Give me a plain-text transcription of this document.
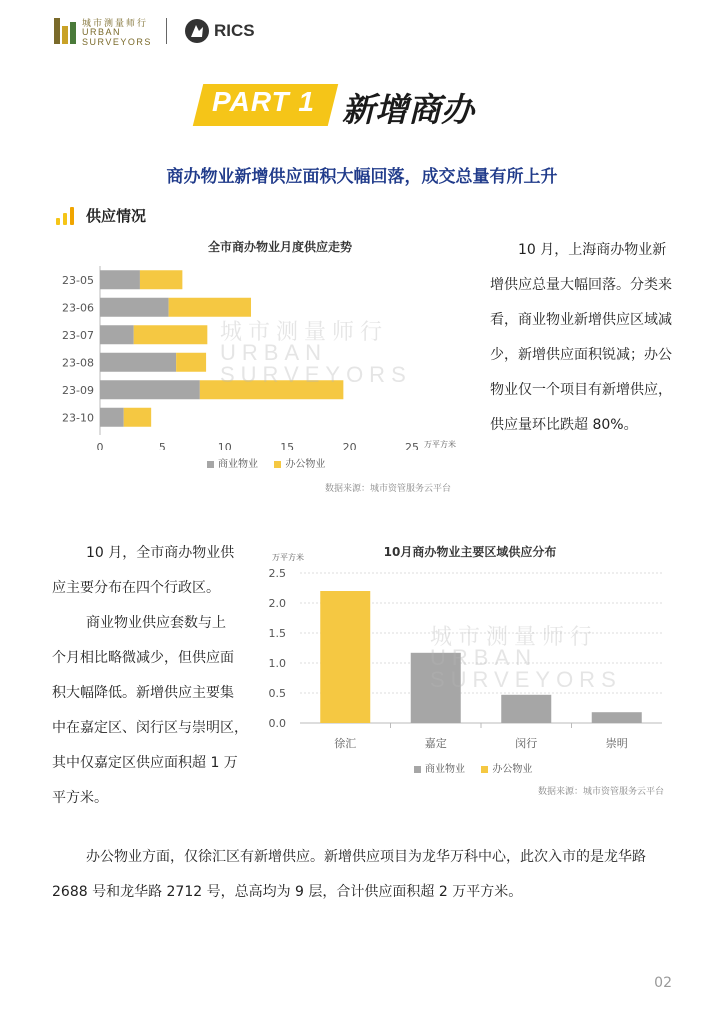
城市测量师行
URBAN
SURVEYORS
RICS
PART 1 新增商办
商办物业新增供应面积大幅回落，成交总量有所上升
供应情况
全市商办物业月度供应走势
0	5	10	15	20	25 万平方米
23-05
23-06
23-07
23-08
23-09
23-10
商业物业	办公物业
数据来源：城市资管服务云平台
10 月，上海商办物业新
增供应总量大幅回落。分类来
看，商业物业新增供应区域减
少，新增供应面积锐减；办公
物业仅一个项目有新增供应，
供应量环比跌超 80%。
10 月，全市商办物业供
应主要分布在四个行政区。
商业物业供应套数与上
个月相比略微减少，但供应面
积大幅降低。新增供应主要集
中在嘉定区、闵行区与崇明区，
其中仅嘉定区供应面积超 1 万
平方米。
10月商办物业主要区域供应分布
万平方米
0.0
0.5
1.0
1.5
2.0
2.5
徐汇	嘉定	闵行	崇明
商业物业	办公物业
数据来源：城市资管服务云平台
城市测量师行
URBAN
SURVEYORS
城市测量师行
URBAN
SURVEYORS
办公物业方面，仅徐汇区有新增供应。新增供应项目为龙华万科中心，此次入市的是龙华路
2688 号和龙华路 2712 号，总高均为 9 层，合计供应面积超 2 万平方米。
02
